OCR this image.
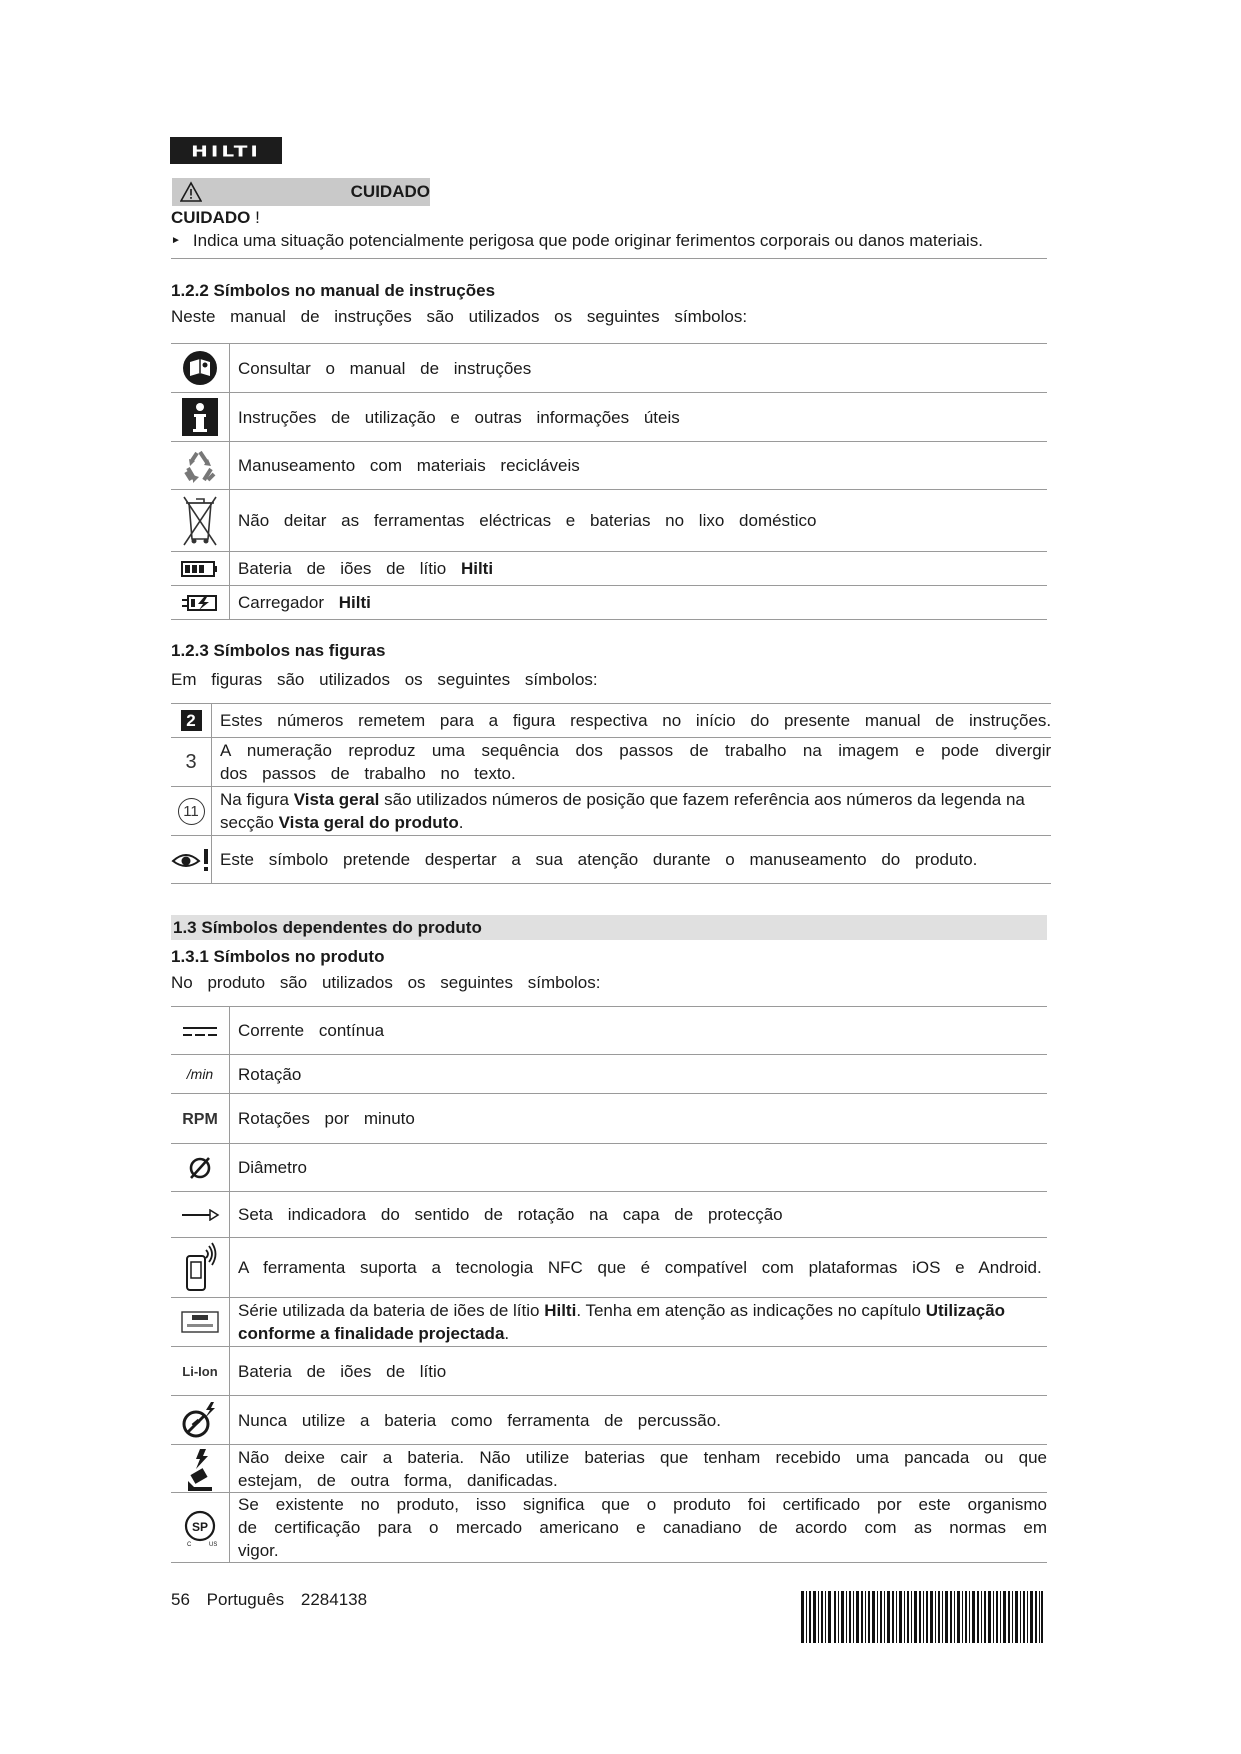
HILTI
CUIDADO
CUIDADO !
► Indica uma situação potencialmente perigosa que pode originar ferimentos corporais ou danos materiais.
1.2.2 Símbolos no manual de instruções
Neste manual de instruções são utilizados os seguintes símbolos:
	Consultar o manual de instruções

	Instruções de utilização e outras informações úteis

	Manuseamento com materiais recicláveis

	Não deitar as ferramentas eléctricas e baterias no lixo doméstico

	Bateria de iões de lítio Hilti

	Carregador Hilti
1.2.3 Símbolos nas figuras
Em figuras são utilizados os seguintes símbolos:
2	Estes números remetem para a figura respectiva no início do presente manual de instruções.
3	A numeração reproduz uma sequência dos passos de trabalho na imagem e pode divergir dos passos de trabalho no texto.
11	Na figura Vista geral são utilizados números de posição que fazem referência aos números da legenda na secção Vista geral do produto.

	Este símbolo pretende despertar a sua atenção durante o manuseamento do produto.
1.3 Símbolos dependentes do produto
1.3.1 Símbolos no produto
No produto são utilizados os seguintes símbolos:
	Corrente contínua
/min	Rotação
RPM	Rotações por minuto

	Diâmetro

	Seta indicadora do sentido de rotação na capa de protecção

	A ferramenta suporta a tecnologia NFC que é compatível com plataformas iOS e Android.

	Série utilizada da bateria de iões de lítio Hilti. Tenha em atenção as indicações no capítulo Utilização conforme a finalidade projectada.
Li-Ion	Bateria de iões de lítio

	Nunca utilize a bateria como ferramenta de percussão.

	Não deixe cair a bateria. Não utilize baterias que tenham recebido uma pancada ou que estejam, de outra forma, danificadas.

SP
C US	Se existente no produto, isso significa que o produto foi certificado por este organismo de certificação para o mercado americano e canadiano de acordo com as normas em vigor.
56 Português 2284138
